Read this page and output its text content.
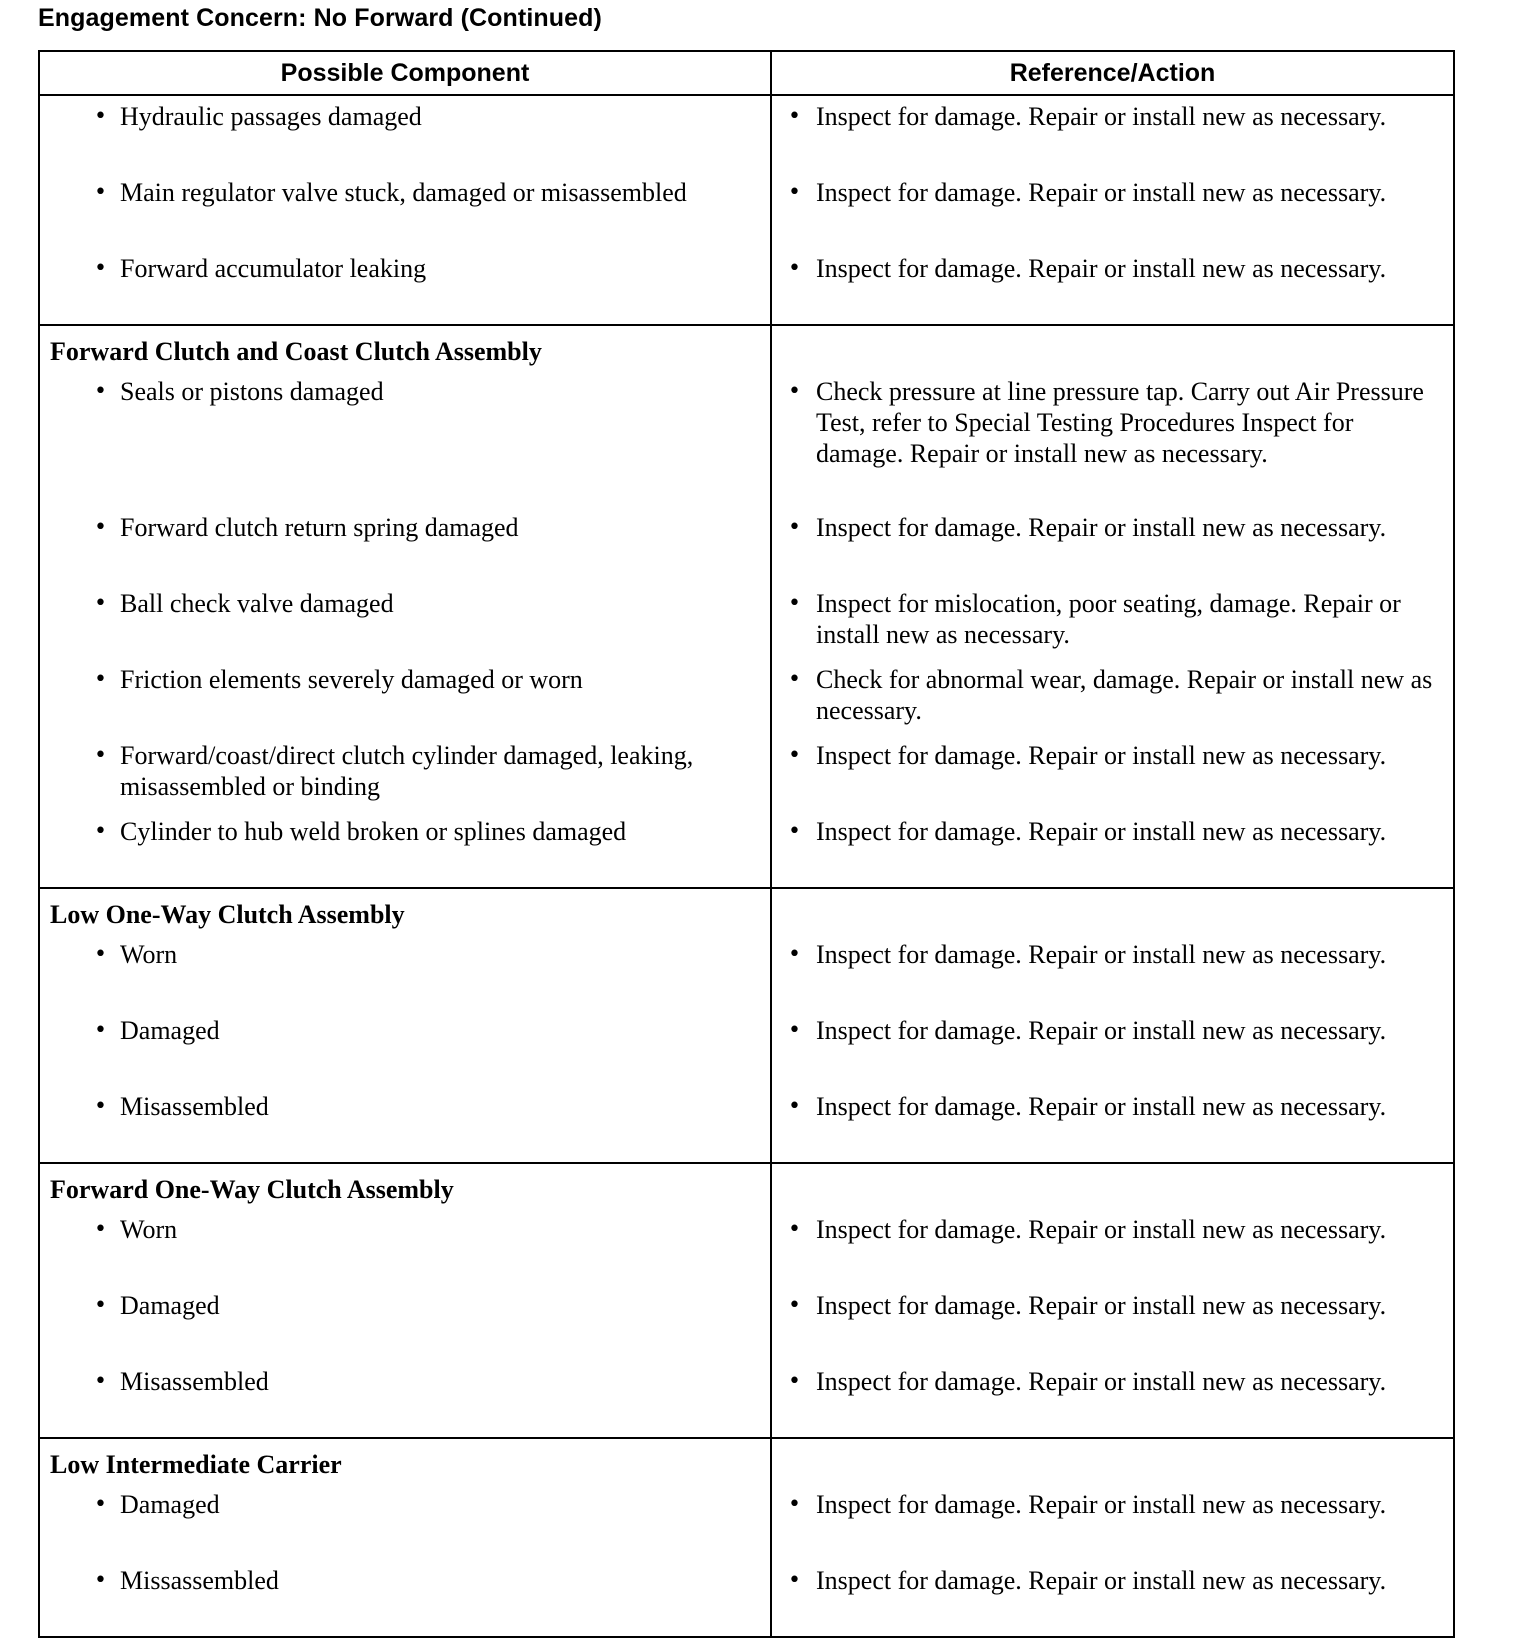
Engagement Concern: No Forward (Continued)
Possible Component	Reference/Action

• Hydraulic passages damaged	• Inspect for damage. Repair or install new as necessary.

• Main regulator valve stuck, damaged or misassembled	• Inspect for damage. Repair or install new as necessary.

• Forward accumulator leaking	• Inspect for damage. Repair or install new as necessary.

Forward Clutch and Coast Clutch Assembly	

• Seals or pistons damaged	• Check pressure at line pressure tap. Carry out Air Pressure Test, refer to Special Testing Procedures Inspect for damage. Repair or install new as necessary.

• Forward clutch return spring damaged	• Inspect for damage. Repair or install new as necessary.

• Ball check valve damaged	• Inspect for mislocation, poor seating, damage. Repair or install new as necessary.

• Friction elements severely damaged or worn	• Check for abnormal wear, damage. Repair or install new as necessary.

• Forward/coast/direct clutch cylinder damaged, leaking, misassembled or binding	• Inspect for damage. Repair or install new as necessary.

• Cylinder to hub weld broken or splines damaged	• Inspect for damage. Repair or install new as necessary.

Low One-Way Clutch Assembly	

• Worn	• Inspect for damage. Repair or install new as necessary.

• Damaged	• Inspect for damage. Repair or install new as necessary.

• Misassembled	• Inspect for damage. Repair or install new as necessary.

Forward One-Way Clutch Assembly	

• Worn	• Inspect for damage. Repair or install new as necessary.

• Damaged	• Inspect for damage. Repair or install new as necessary.

• Misassembled	• Inspect for damage. Repair or install new as necessary.

Low Intermediate Carrier	

• Damaged	• Inspect for damage. Repair or install new as necessary.

• Missassembled	• Inspect for damage. Repair or install new as necessary.
